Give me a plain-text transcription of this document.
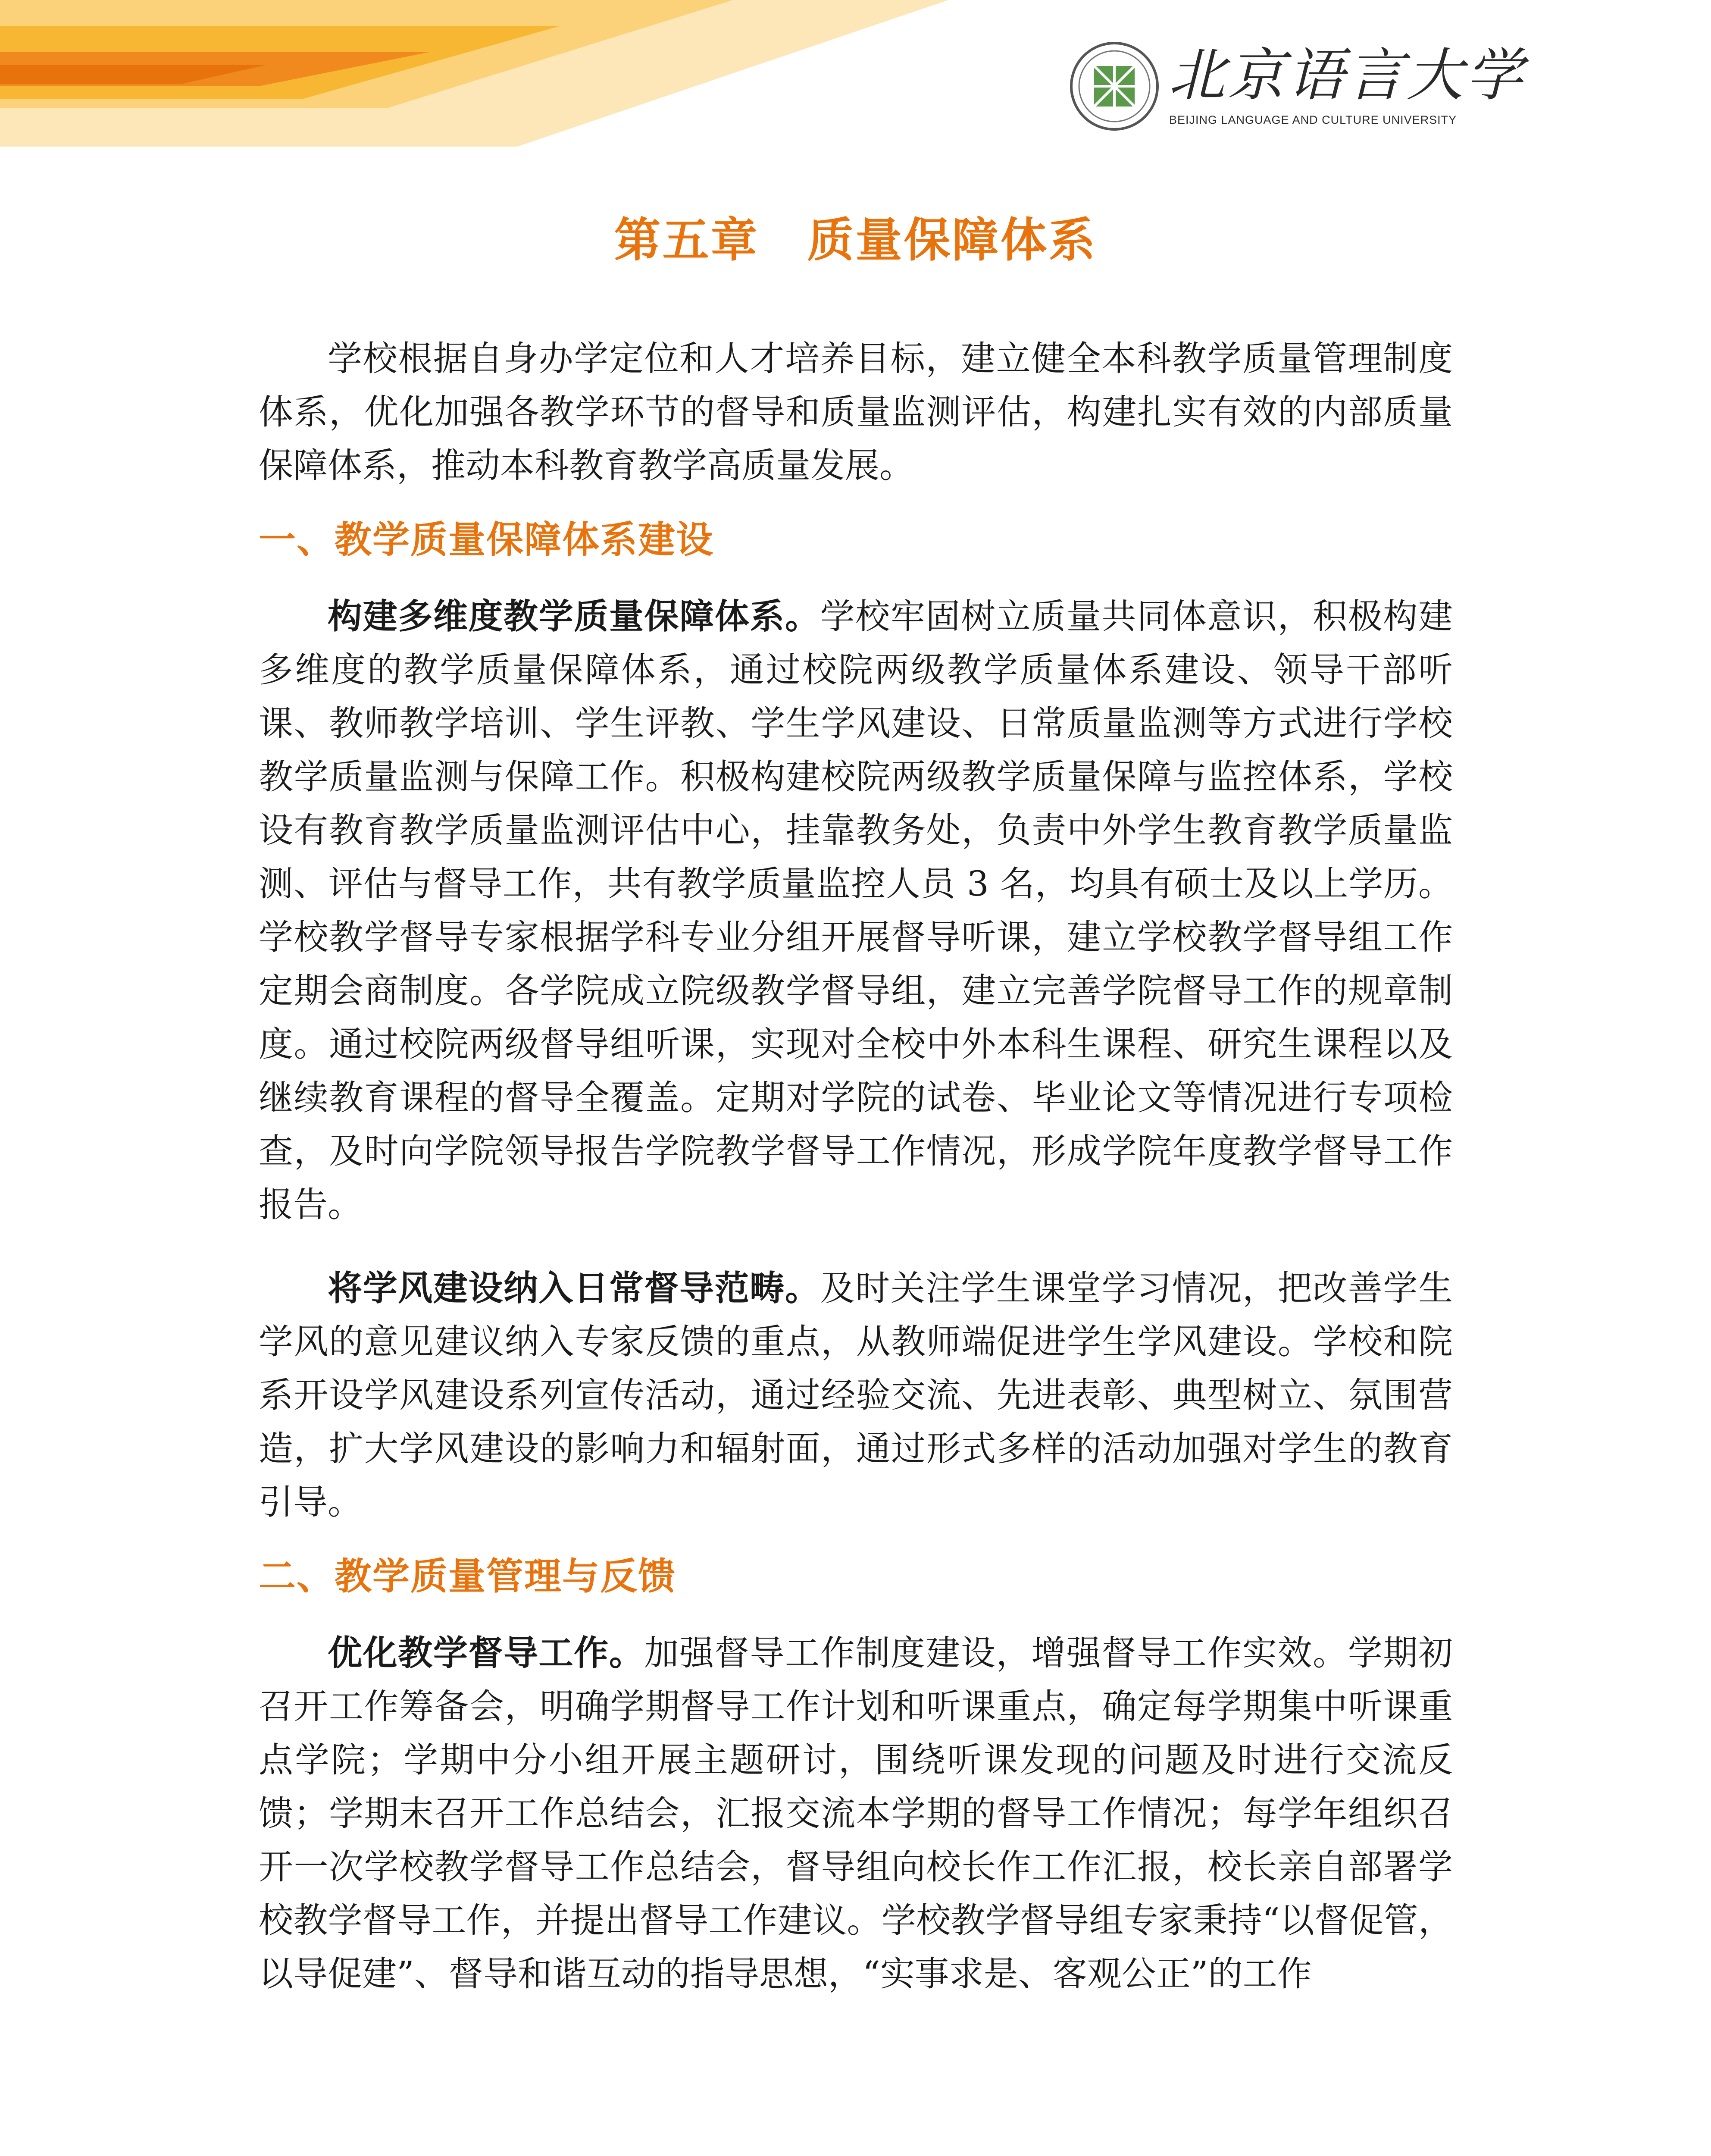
北京语言大学
BEIJING LANGUAGE AND CULTURE UNIVERSITY
第五章　质量保障体系

学校根据自身办学定位和人才培养目标，建立健全本科教学质量管理制度体系，优化加强各教学环节的督导和质量监测评估，构建扎实有效的内部质量保障体系，推动本科教育教学高质量发展。

一、教学质量保障体系建设

构建多维度教学质量保障体系。学校牢固树立质量共同体意识，积极构建多维度的教学质量保障体系，通过校院两级教学质量体系建设、领导干部听课、教师教学培训、学生评教、学生学风建设、日常质量监测等方式进行学校教学质量监测与保障工作。积极构建校院两级教学质量保障与监控体系，学校设有教育教学质量监测评估中心，挂靠教务处，负责中外学生教育教学质量监测、评估与督导工作，共有教学质量监控人员 3 名，均具有硕士及以上学历。学校教学督导专家根据学科专业分组开展督导听课，建立学校教学督导组工作定期会商制度。各学院成立院级教学督导组，建立完善学院督导工作的规章制度。通过校院两级督导组听课，实现对全校中外本科生课程、研究生课程以及继续教育课程的督导全覆盖。定期对学院的试卷、毕业论文等情况进行专项检查，及时向学院领导报告学院教学督导工作情况，形成学院年度教学督导工作报告。

将学风建设纳入日常督导范畴。及时关注学生课堂学习情况，把改善学生学风的意见建议纳入专家反馈的重点，从教师端促进学生学风建设。学校和院系开设学风建设系列宣传活动，通过经验交流、先进表彰、典型树立、氛围营造，扩大学风建设的影响力和辐射面，通过形式多样的活动加强对学生的教育引导。

二、教学质量管理与反馈

优化教学督导工作。加强督导工作制度建设，增强督导工作实效。学期初召开工作筹备会，明确学期督导工作计划和听课重点，确定每学期集中听课重点学院；学期中分小组开展主题研讨，围绕听课发现的问题及时进行交流反馈；学期末召开工作总结会，汇报交流本学期的督导工作情况；每学年组织召开一次学校教学督导工作总结会，督导组向校长作工作汇报，校长亲自部署学校教学督导工作，并提出督导工作建议。学校教学督导组专家秉持“以督促管，以导促建”、督导和谐互动的指导思想，“实事求是、客观公正”的工作
